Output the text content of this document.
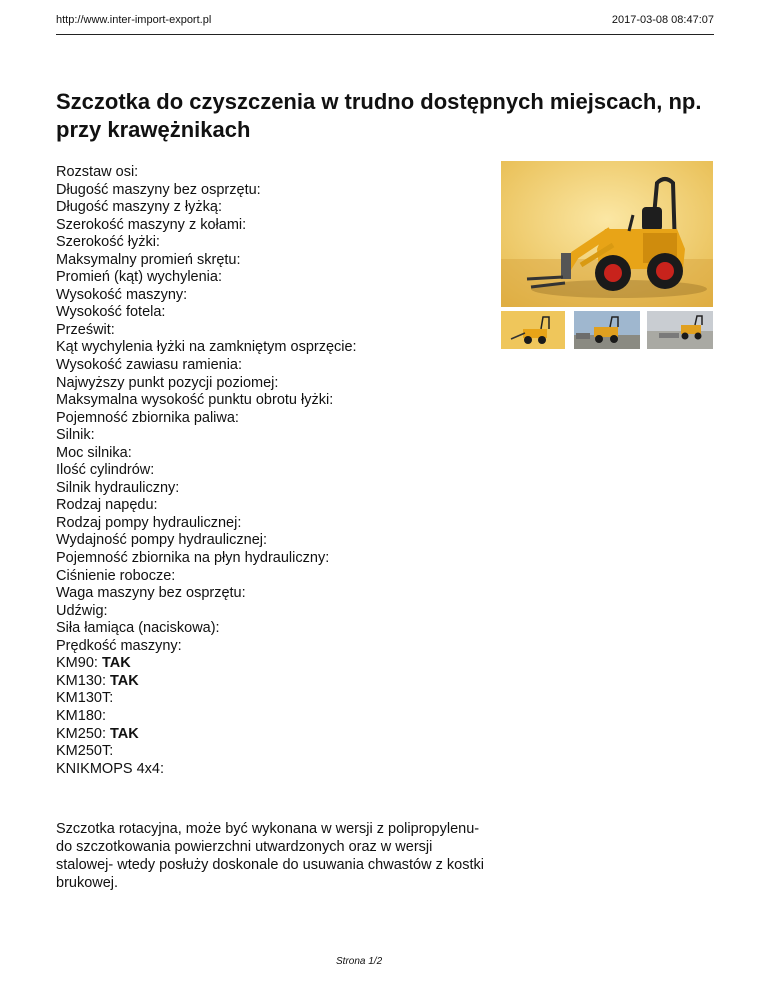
http://www.inter-import-export.pl	2017-03-08 08:47:07
Szczotka do czyszczenia w trudno dostępnych miejscach, np. przy krawężnikach
Rozstaw osi:
Długość maszyny bez osprzętu:
Długość maszyny z łyżką:
Szerokość maszyny z kołami:
Szerokość łyżki:
Maksymalny promień skrętu:
Promień (kąt) wychylenia:
Wysokość maszyny:
Wysokość fotela:
Prześwit:
Kąt wychylenia łyżki na zamkniętym osprzęcie:
Wysokość zawiasu ramienia:
Najwyższy punkt pozycji poziomej:
Maksymalna wysokość punktu obrotu łyżki:
Pojemność zbiornika paliwa:
Silnik:
Moc silnika:
Ilość cylindrów:
Silnik hydrauliczny:
Rodzaj napędu:
Rodzaj pompy hydraulicznej:
Wydajność pompy hydraulicznej:
Pojemność zbiornika na płyn hydrauliczny:
Ciśnienie robocze:
Waga maszyny bez osprzętu:
Udźwig:
Siła łamiąca (naciskowa):
Prędkość maszyny:
KM90: TAK
KM130: TAK
KM130T:
KM180:
KM250: TAK
KM250T:
KNIKMOPS 4x4:

Szczotka rotacyjna, może być wykonana w wersji z polipropylenu- do szczotkowania powierzchni utwardzonych oraz w wersji stalowej- wtedy posłuży doskonale do usuwania chwastów z kostki brukowej.

Strona 1/2
